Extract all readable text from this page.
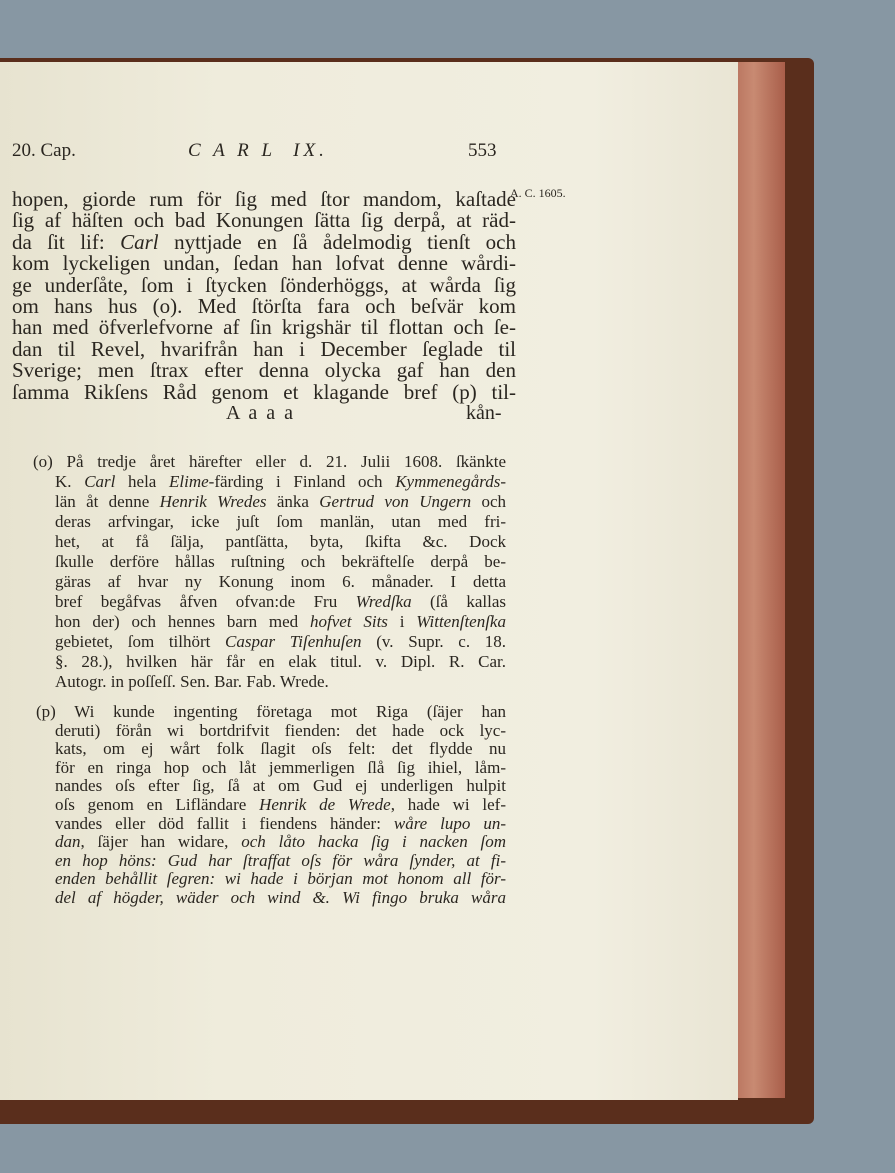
20. Cap.	C A R L  IX.	553
A. C. 1605.
hopen, giorde rum för ſig med ſtor mandom, kaſtade
ſig af häſten och bad Konungen ſätta ſig derpå, at räd-
da ſit lif: Carl nyttjade en ſå ådelmodig tienſt och
kom lyckeligen undan, ſedan han lofvat denne wårdi-
ge underſåte, ſom i ſtycken ſönderhöggs, at wårda ſig
om hans hus (o). Med ſtörſta fara och beſvär kom
han med öfverlefvorne af ſin krigshär til flottan och ſe-
dan til Revel, hvarifrån han i December ſeglade til
Sverige; men ſtrax efter denna olycka gaf han den
ſamma Rikſens Råd genom et klagande bref (p) til-
(o) På tredje året härefter eller d. 21. Julii 1608. ſkänkte
K. Carl hela Elime-färding i Finland och Kymmenegårds-
län åt denne Henrik Wredes änka Gertrud von Ungern och
deras arfvingar, icke juſt ſom manlän, utan med fri-
het, at få ſälja, pantſätta, byta, ſkifta &c. Dock
ſkulle derföre hållas ruſtning och bekräftelſe derpå be-
gäras af hvar ny Konung inom 6. månader. I detta
bref begåfvas åfven ofvan:de Fru Wredſka (ſå kallas
hon der) och hennes barn med hofvet Sits i Wittenſtenſka
gebietet, ſom tilhört Caspar Tiſenhuſen (v. Supr. c. 18.
§. 28.), hvilken här får en elak titul. v. Dipl. R. Car.
Autogr. in poſſeſſ. Sen. Bar. Fab. Wrede.
(p) Wi kunde ingenting företaga mot Riga (ſäjer han
deruti) förån wi bortdrifvit fienden: det hade ock lyc-
kats, om ej wårt folk ſlagit oſs felt: det flydde nu
för en ringa hop och låt jemmerligen ſlå ſig ihiel, låm-
nandes oſs efter ſig, ſå at om Gud ej underligen hulpit
oſs genom en Lifländare Henrik de Wrede, hade wi lef-
vandes eller död fallit i fiendens händer: wåre lupo un-
dan, ſäjer han widare, och låto hacka ſig i nacken ſom
en hop höns: Gud har ſtraffat oſs för wåra ſynder, at fi-
enden behållit ſegren: wi hade i början mot honom all för-
del af högder, wäder och wind &. Wi fingo bruka wåra
A a a a	kån-
